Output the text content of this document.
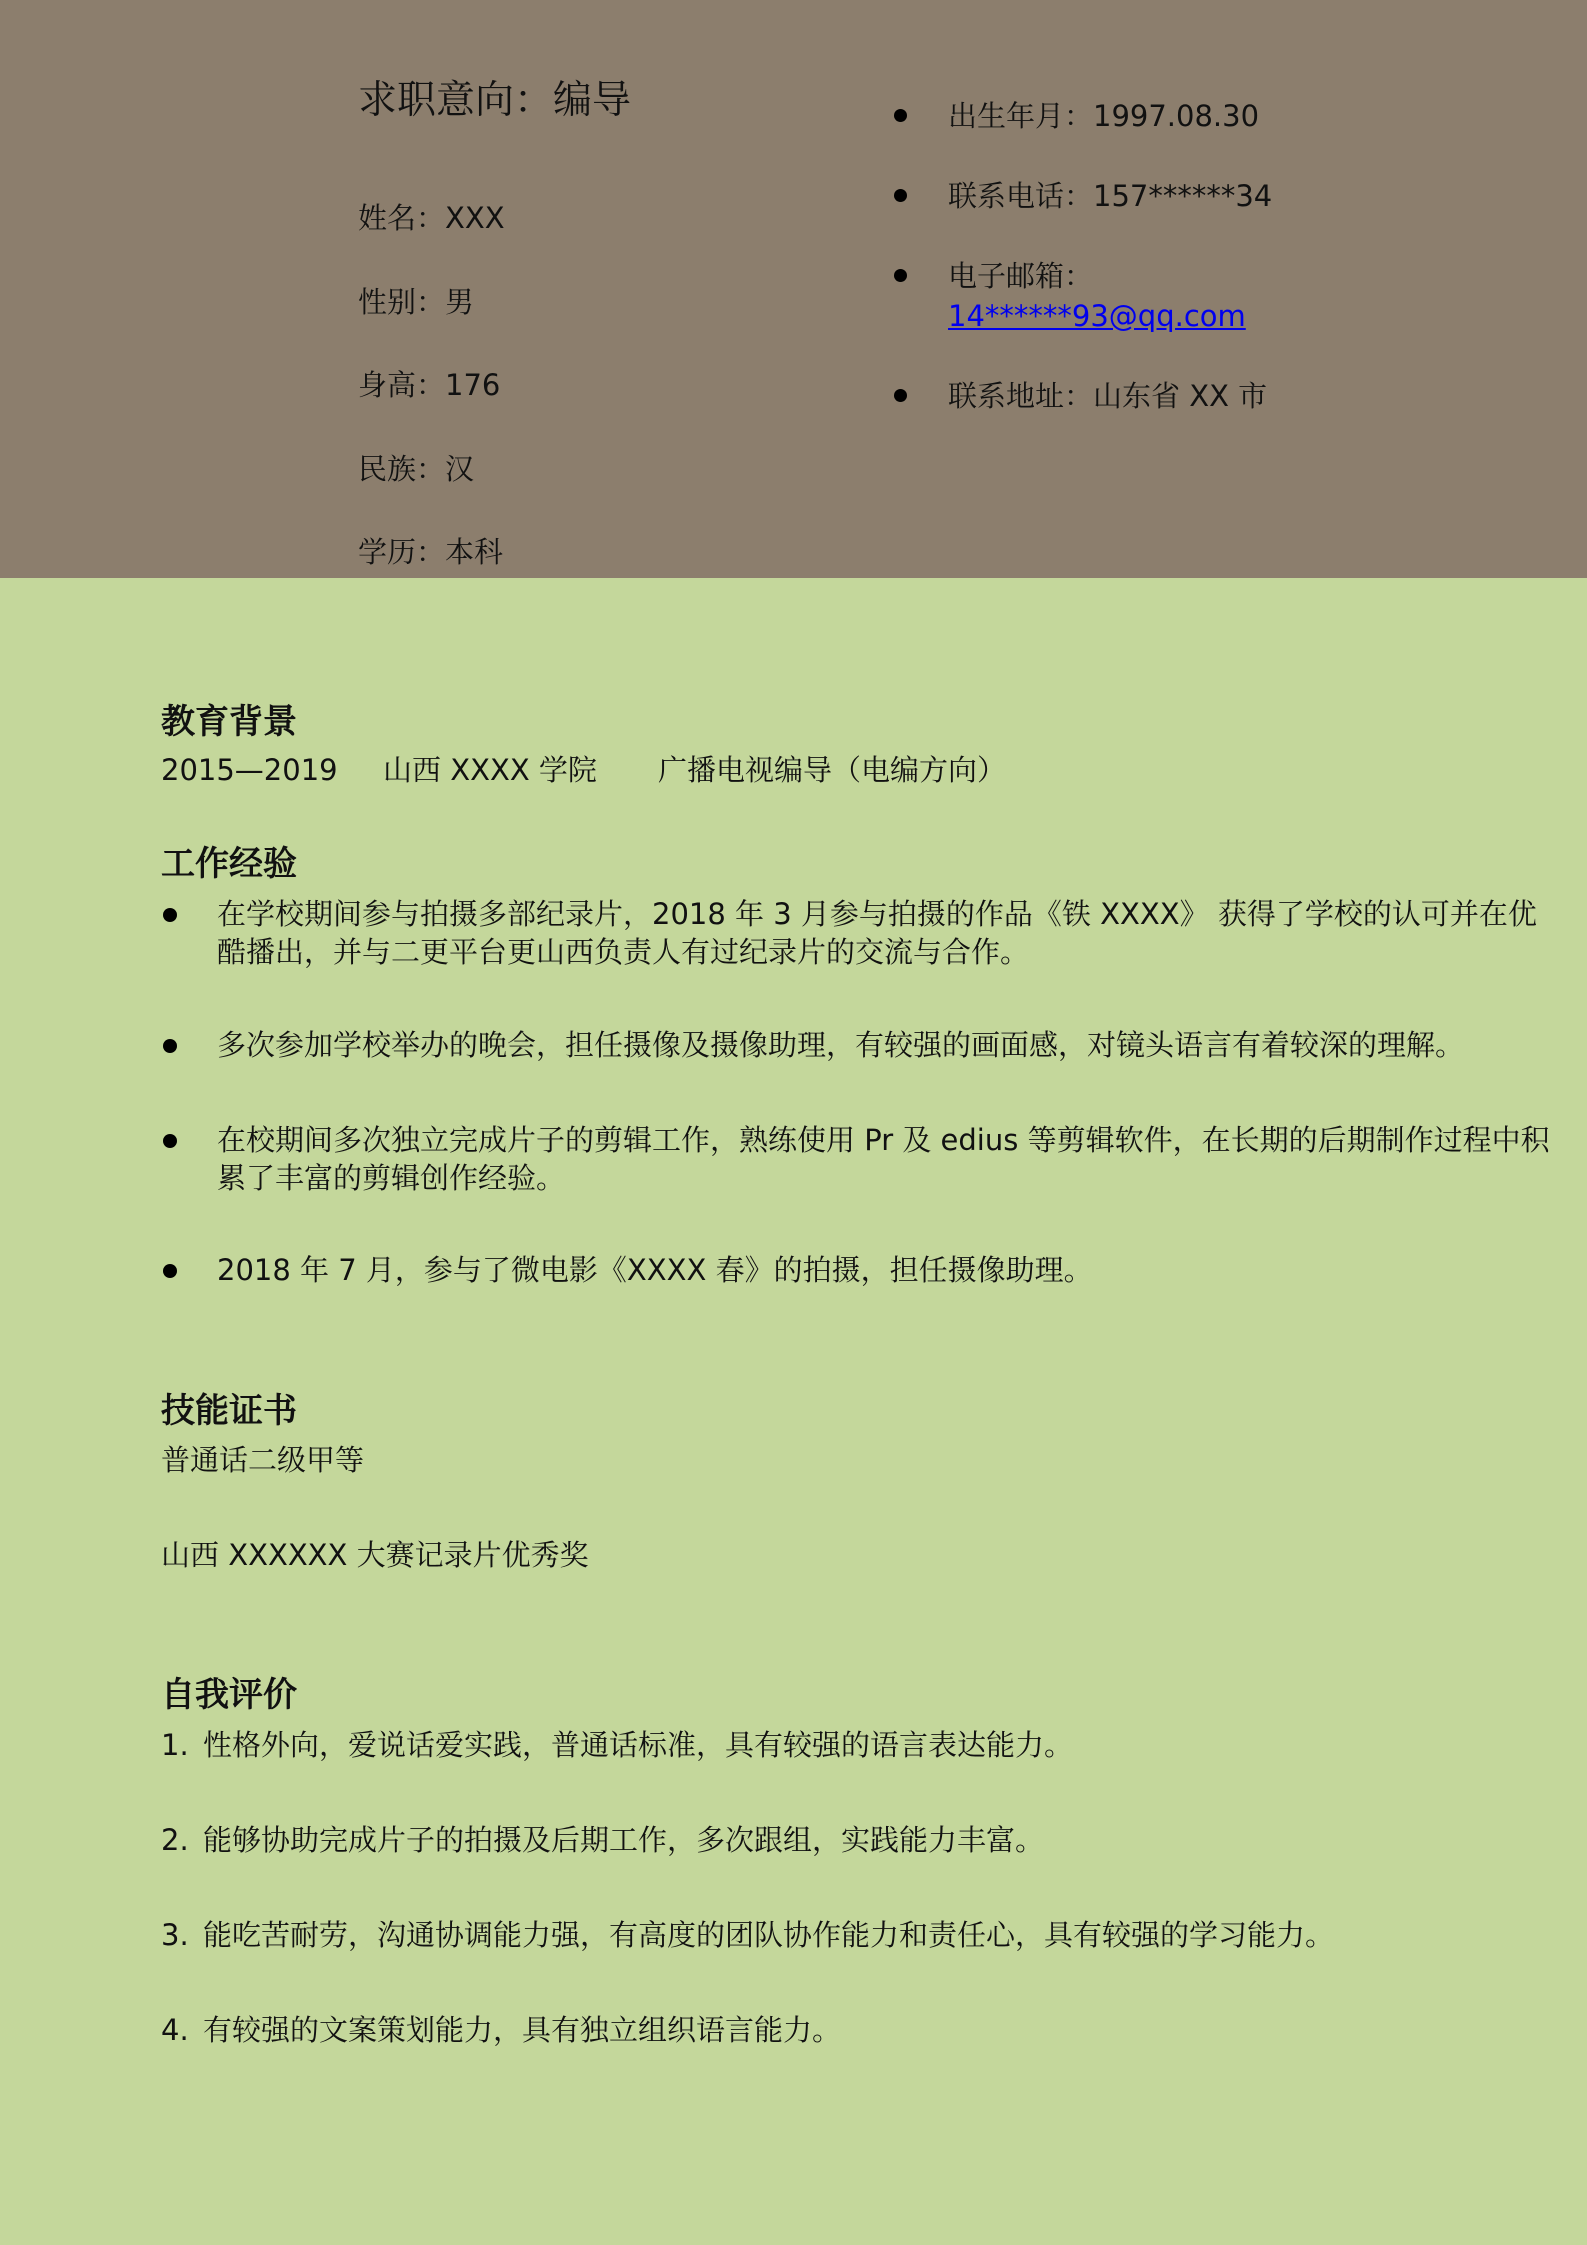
求职意向：编导
姓名：XXX
性别：男
身高：176
民族：汉
学历：本科
出生年月：1997.08.30
联系电话：157******34
电子邮箱：
14******93@qq.com
联系地址：山东省 XX 市
教育背景
2015—2019 山西 XXXX 学院 广播电视编导（电编方向）
工作经验
在学校期间参与拍摄多部纪录片，2018 年 3 月参与拍摄的作品《铁 XXXX》 获得了学校的认可并在优酷播出，并与二更平台更山西负责人有过纪录片的交流与合作。
多次参加学校举办的晚会，担任摄像及摄像助理，有较强的画面感，对镜头语言有着较深的理解。
在校期间多次独立完成片子的剪辑工作，熟练使用 Pr 及 edius 等剪辑软件，在长期的后期制作过程中积累了丰富的剪辑创作经验。
2018 年 7 月，参与了微电影《XXXX 春》的拍摄，担任摄像助理。
技能证书
普通话二级甲等
山西 XXXXXX 大赛记录片优秀奖
自我评价
1. 性格外向，爱说话爱实践，普通话标准，具有较强的语言表达能力。
2. 能够协助完成片子的拍摄及后期工作，多次跟组，实践能力丰富。
3. 能吃苦耐劳，沟通协调能力强，有高度的团队协作能力和责任心，具有较强的学习能力。
4. 有较强的文案策划能力，具有独立组织语言能力。
